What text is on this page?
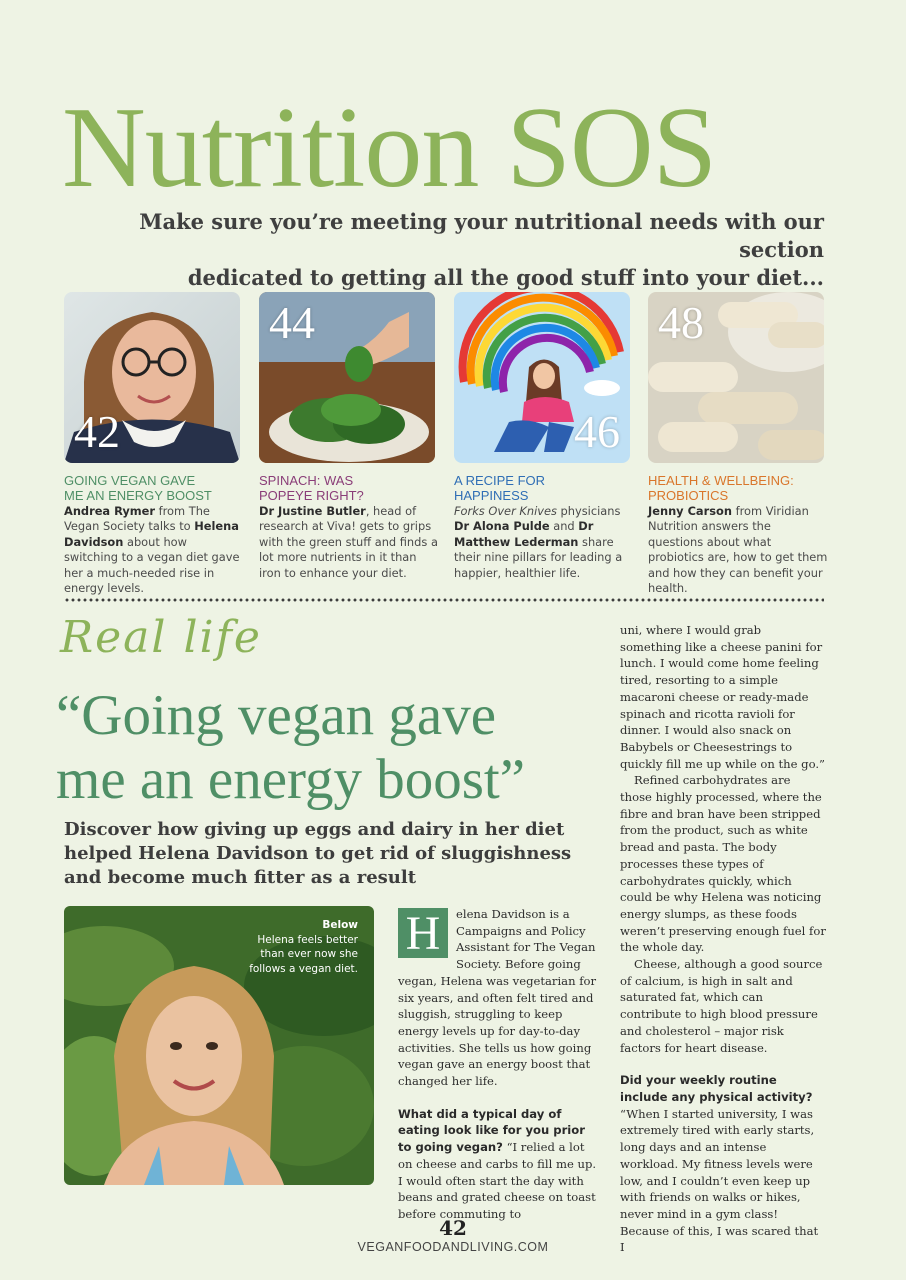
Nutrition SOS
Make sure you’re meeting your nutritional needs with our section
dedicated to getting all the good stuff into your diet...
42
44
46
48
GOING VEGAN GAVE
ME AN ENERGY BOOST
Andrea Rymer from The Vegan Society talks to Helena Davidson about how switching to a vegan diet gave her a much-needed rise in energy levels.
SPINACH: WAS
POPEYE RIGHT?
Dr Justine Butler, head of research at Viva! gets to grips with the green stuff and finds a lot more nutrients in it than iron to enhance your diet.
A RECIPE FOR
HAPPINESS
Forks Over Knives physicians Dr Alona Pulde and Dr Matthew Lederman share their nine pillars for leading a happier, healthier life.
HEALTH & WELLBEING:
PROBIOTICS
Jenny Carson from Viridian Nutrition answers the questions about what probiotics are, how to get them and how they can benefit your health.
Real life
“Going vegan gave
me an energy boost”
Discover how giving up eggs and dairy in her diet helped Helena Davidson to get rid of sluggishness and become much fitter as a result
Below
Helena feels better than ever now she follows a vegan diet.
H	elena Davidson is a Campaigns and Policy Assistant for The Vegan Society. Before going vegan, Helena was vegetarian for six years, and often felt tired and sluggish, struggling to keep energy levels up for day-to-day activities. She tells us how going vegan gave an energy boost that changed her life.

What did a typical day of eating look like for you prior to going vegan? “I relied a lot on cheese and carbs to fill me up. I would often start the day with beans and grated cheese on toast before commuting to

uni, where I would grab something like a cheese panini for lunch. I would come home feeling tired, resorting to a simple macaroni cheese or ready-made spinach and ricotta ravioli for dinner. I would also snack on Babybels or Cheesestrings to quickly fill me up while on the go.”

Refined carbohydrates are those highly processed, where the fibre and bran have been stripped from the product, such as white bread and pasta. The body processes these types of carbohydrates quickly, which could be why Helena was noticing energy slumps, as these foods weren’t preserving enough fuel for the whole day.

Cheese, although a good source of calcium, is high in salt and saturated fat, which can contribute to high blood pressure and cholesterol – major risk factors for heart disease.

Did your weekly routine include any physical activity? “When I started university, I was extremely tired with early starts, long days and an intense workload. My fitness levels were low, and I couldn’t even keep up with friends on walks or hikes, never mind in a gym class! Because of this, I was scared that I

42
VEGANFOODANDLIVING.COM
